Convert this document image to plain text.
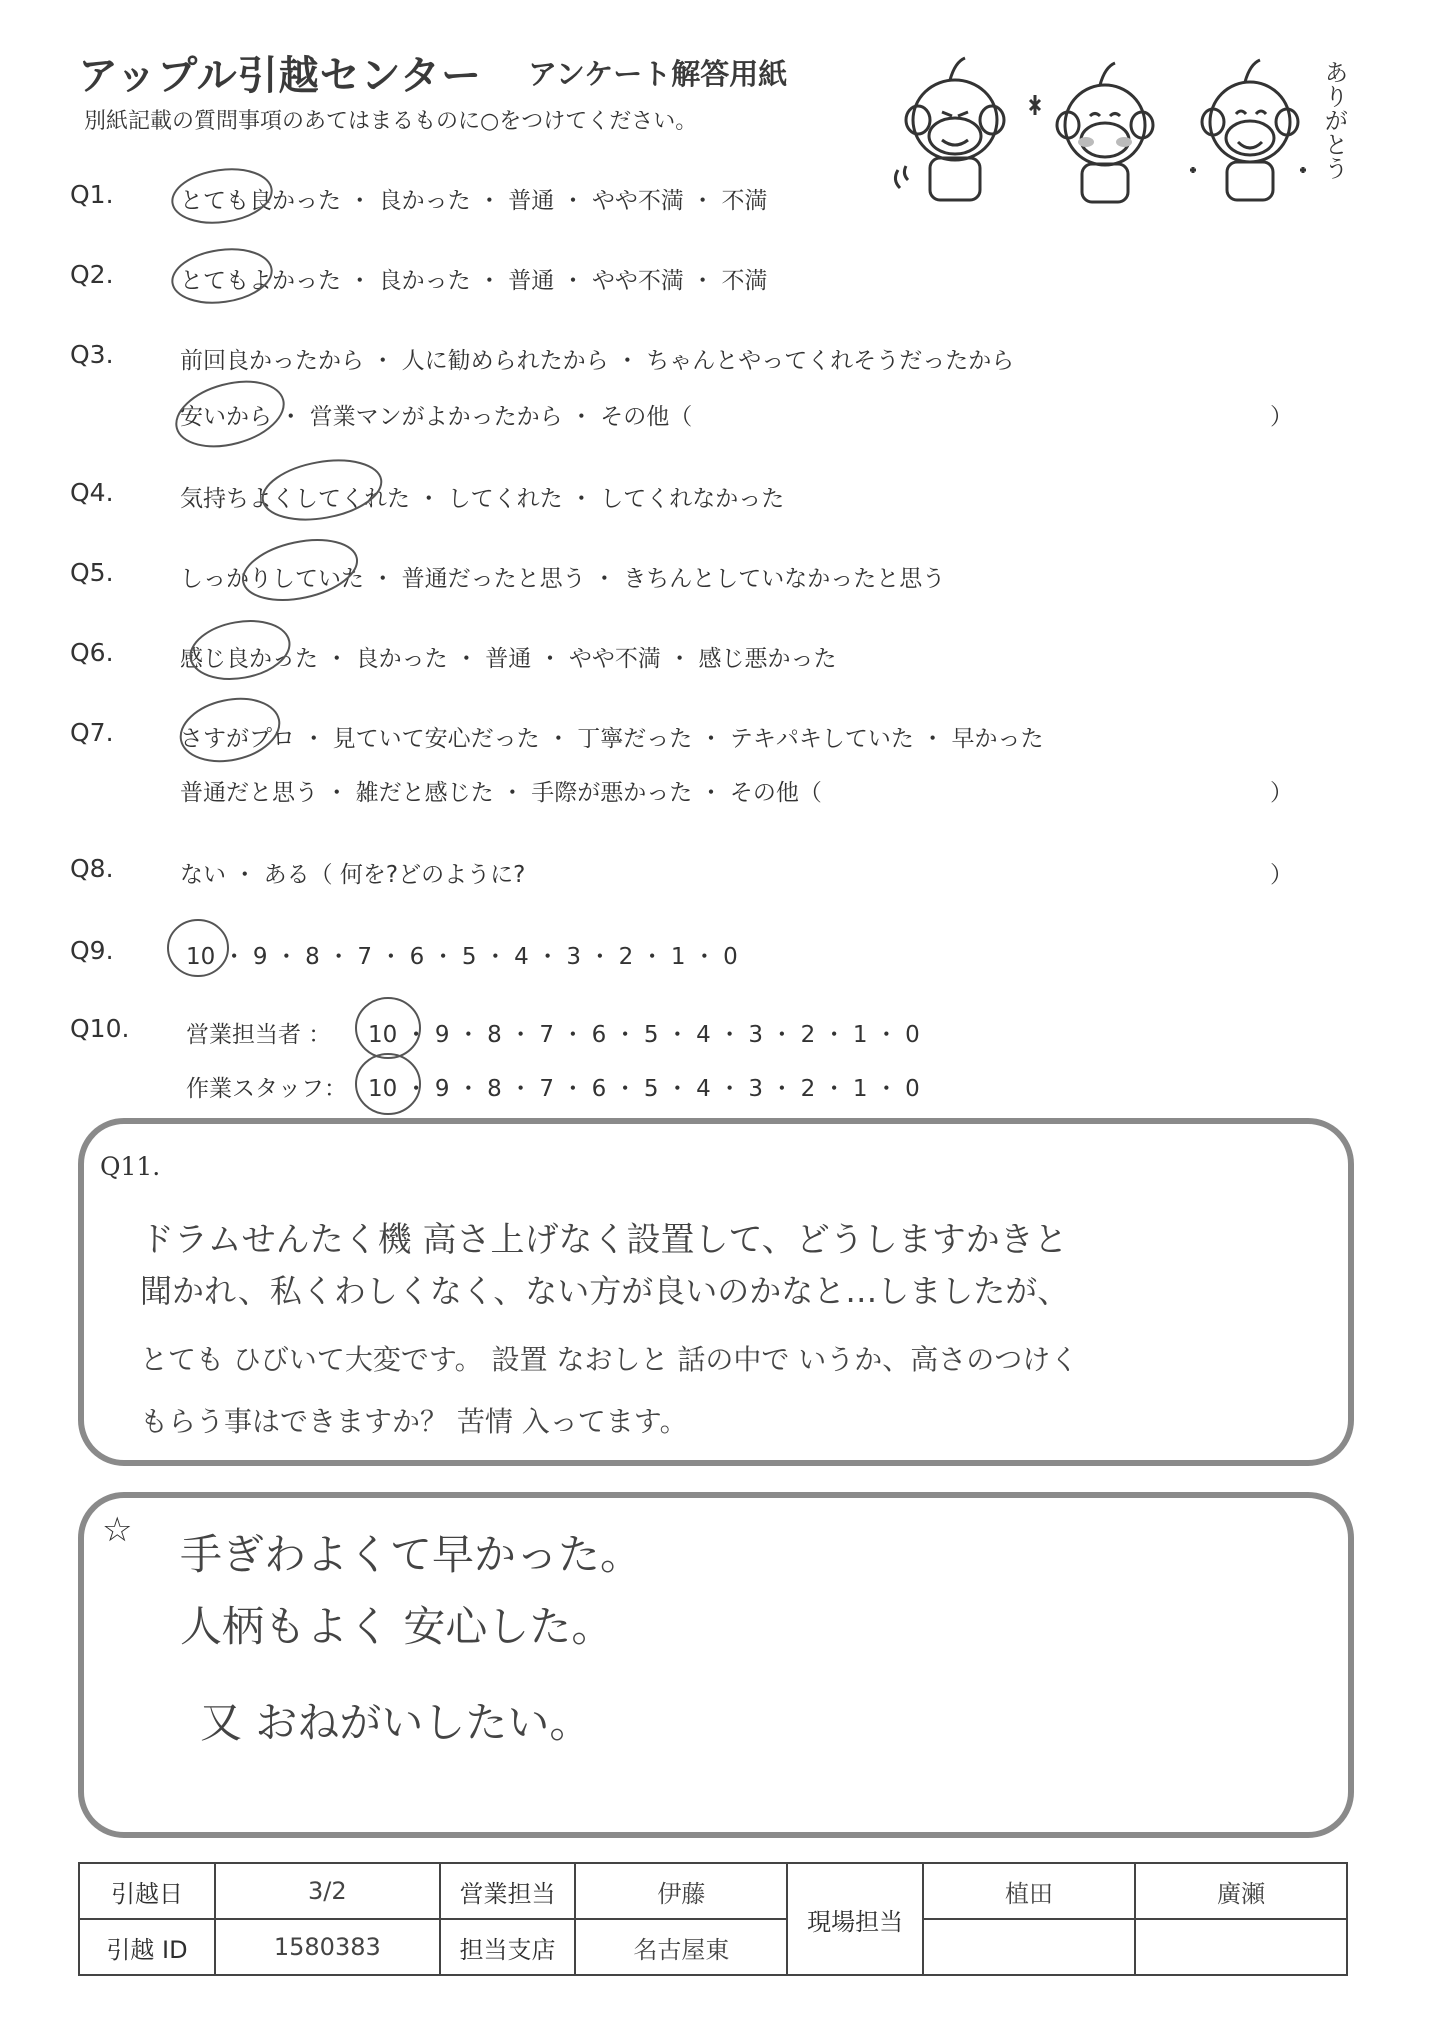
アップル引越センター アンケート解答用紙
別紙記載の質問事項のあてはまるものに○をつけてください。	ありがとう
Q1.	とても良かった ・ 良かった ・ 普通 ・ やや不満 ・ 不満
Q2.	とてもよかった ・ 良かった ・ 普通 ・ やや不満 ・ 不満
Q3.	前回良かったから ・ 人に勧められたから ・ ちゃんとやってくれそうだったから
安いから ・ 営業マンがよかったから ・ その他（	）
Q4.	気持ちよくしてくれた ・ してくれた ・ してくれなかった
Q5.	しっかりしていた ・ 普通だったと思う ・ きちんとしていなかったと思う
Q6.	感じ良かった ・ 良かった ・ 普通 ・ やや不満 ・ 感じ悪かった
Q7.	さすがプロ ・ 見ていて安心だった ・ 丁寧だった ・ テキパキしていた ・ 早かった
普通だと思う ・ 雑だと感じた ・ 手際が悪かった ・ その他（	）
Q8.	ない ・ ある（ 何を?どのように?	）
Q9.	10 ・ 9 ・ 8 ・ 7 ・ 6 ・ 5 ・ 4 ・ 3 ・ 2 ・ 1 ・ 0
Q10. 営業担当者 ： 10 ・ 9 ・ 8 ・ 7 ・ 6 ・ 5 ・ 4 ・ 3 ・ 2 ・ 1 ・ 0
作業スタッフ： 10 ・ 9 ・ 8 ・ 7 ・ 6 ・ 5 ・ 4 ・ 3 ・ 2 ・ 1 ・ 0
Q11.
ドラムせんたく機 高さ上げなく設置して、どうしますかきと
聞かれ、私くわしくなく、ない方が良いのかなと…しましたが、
とても ひびいて大変です。 設置 なおしと 話の中で いうか、高さのつけく
もらう事はできますか？ 苦情 入ってます。
☆ 手ぎわよくて早かった。
人柄もよく 安心した。
又 おねがいしたい。
引越日	3/2	営業担当	伊藤	現場担当	植田	廣瀬
引越 ID	1580383	担当支店	名古屋東			
